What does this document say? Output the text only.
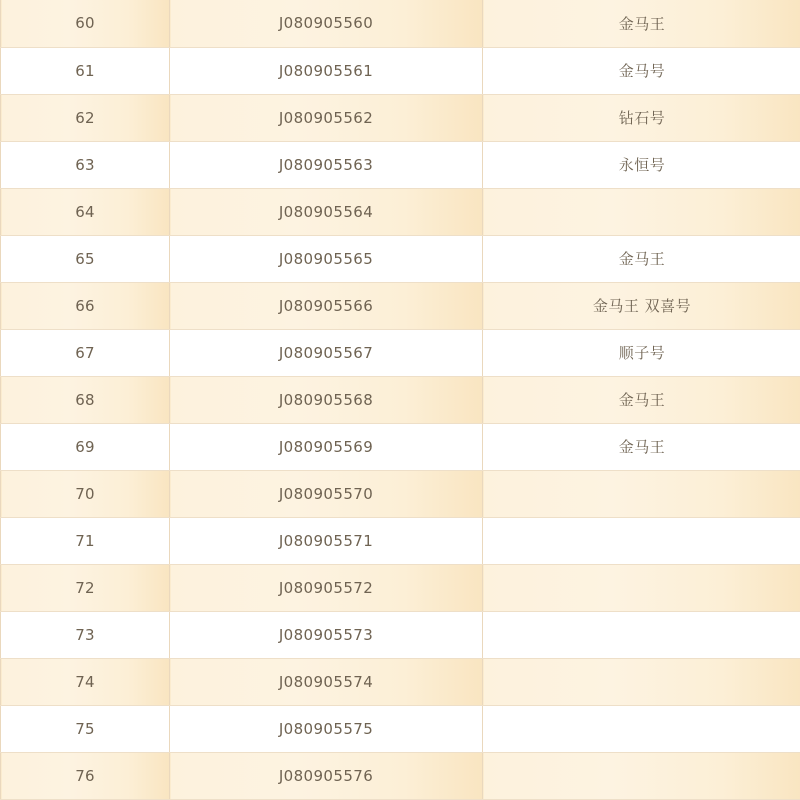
60	J080905560	金马王
61	J080905561	金马号
62	J080905562	钻石号
63	J080905563	永恒号
64	J080905564	
65	J080905565	金马王
66	J080905566	金马王 双喜号
67	J080905567	顺子号
68	J080905568	金马王
69	J080905569	金马王
70	J080905570	
71	J080905571	
72	J080905572	
73	J080905573	
74	J080905574	
75	J080905575	
76	J080905576	
